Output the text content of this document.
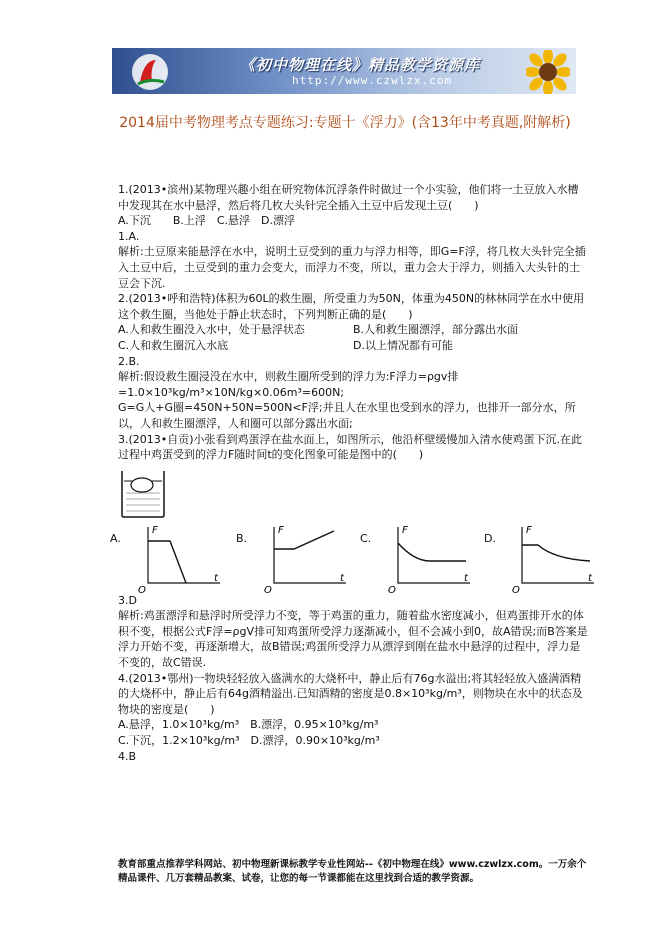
《初中物理在线》精品教学资源库
http://www.czwlzx.com
2014届中考物理考点专题练习:专题十《浮力》(含13年中考真题,附解析)

1.(2013•滨州)某物理兴趣小组在研究物体沉浮条件时做过一个小实验，他们将一土豆放入水槽中发现其在水中悬浮，然后将几枚大头针完全插入土豆中后发现土豆(　　)

A.下沉　　B.上浮　C.悬浮　D.漂浮

1.A.

解析:土豆原来能悬浮在水中，说明土豆受到的重力与浮力相等，即G=F浮，将几枚大头针完全插入土豆中后，土豆受到的重力会变大，而浮力不变，所以，重力会大于浮力，则插入大头针的土豆会下沉.

2.(2013•呼和浩特)体积为60L的救生圈，所受重力为50N，体重为450N的林林同学在水中使用这个救生圈，当他处于静止状态时，下列判断正确的是(　　)

A.人和救生圈没入水中，处于悬浮状态	B.人和救生圈漂浮，部分露出水面
C.人和救生圈沉入水底	D.以上情况都有可能

2.B.

解析:假设救生圈浸没在水中，则救生圈所受到的浮力为:F浮力=ρgv排=1.0×10³kg/m³×10N/kg×0.06m³=600N;

G=G人+G圈=450N+50N=500N<F浮;并且人在水里也受到水的浮力，也排开一部分水，所以，人和救生圈漂浮，人和圈可以部分露出水面;

3.(2013•自贡)小张看到鸡蛋浮在盐水面上，如图所示，他沿杯壁缓慢加入清水使鸡蛋下沉.在此过程中鸡蛋受到的浮力F随时间t的变化图象可能是图中的(　　)

A.
F
t
O
B.
F
t
O
C.
F
t
O
D.
F
t
O

3.D

解析:鸡蛋漂浮和悬浮时所受浮力不变，等于鸡蛋的重力，随着盐水密度减小，但鸡蛋排开水的体积不变，根据公式F浮=ρgV排可知鸡蛋所受浮力逐渐减小，但不会减小到0，故A错误;而B答案是浮力开始不变，再逐渐增大，故B错误;鸡蛋所受浮力从漂浮到刚在盐水中悬浮的过程中，浮力是不变的，故C错误.

4.(2013•鄂州)一物块轻轻放入盛满水的大烧杯中，静止后有76g水溢出;将其轻轻放入盛满酒精的大烧杯中，静止后有64g酒精溢出.已知酒精的密度是0.8×10³kg/m³，则物块在水中的状态及物块的密度是(　　)

A.悬浮，1.0×10³kg/m³　B.漂浮，0.95×10³kg/m³

C.下沉，1.2×10³kg/m³　D.漂浮，0.90×10³kg/m³

4.B

教育部重点推荐学科网站、初中物理新课标教学专业性网站--《初中物理在线》www.czwlzx.com。一万余个精品课件、几万套精品教案、试卷，让您的每一节课都能在这里找到合适的教学资源。
